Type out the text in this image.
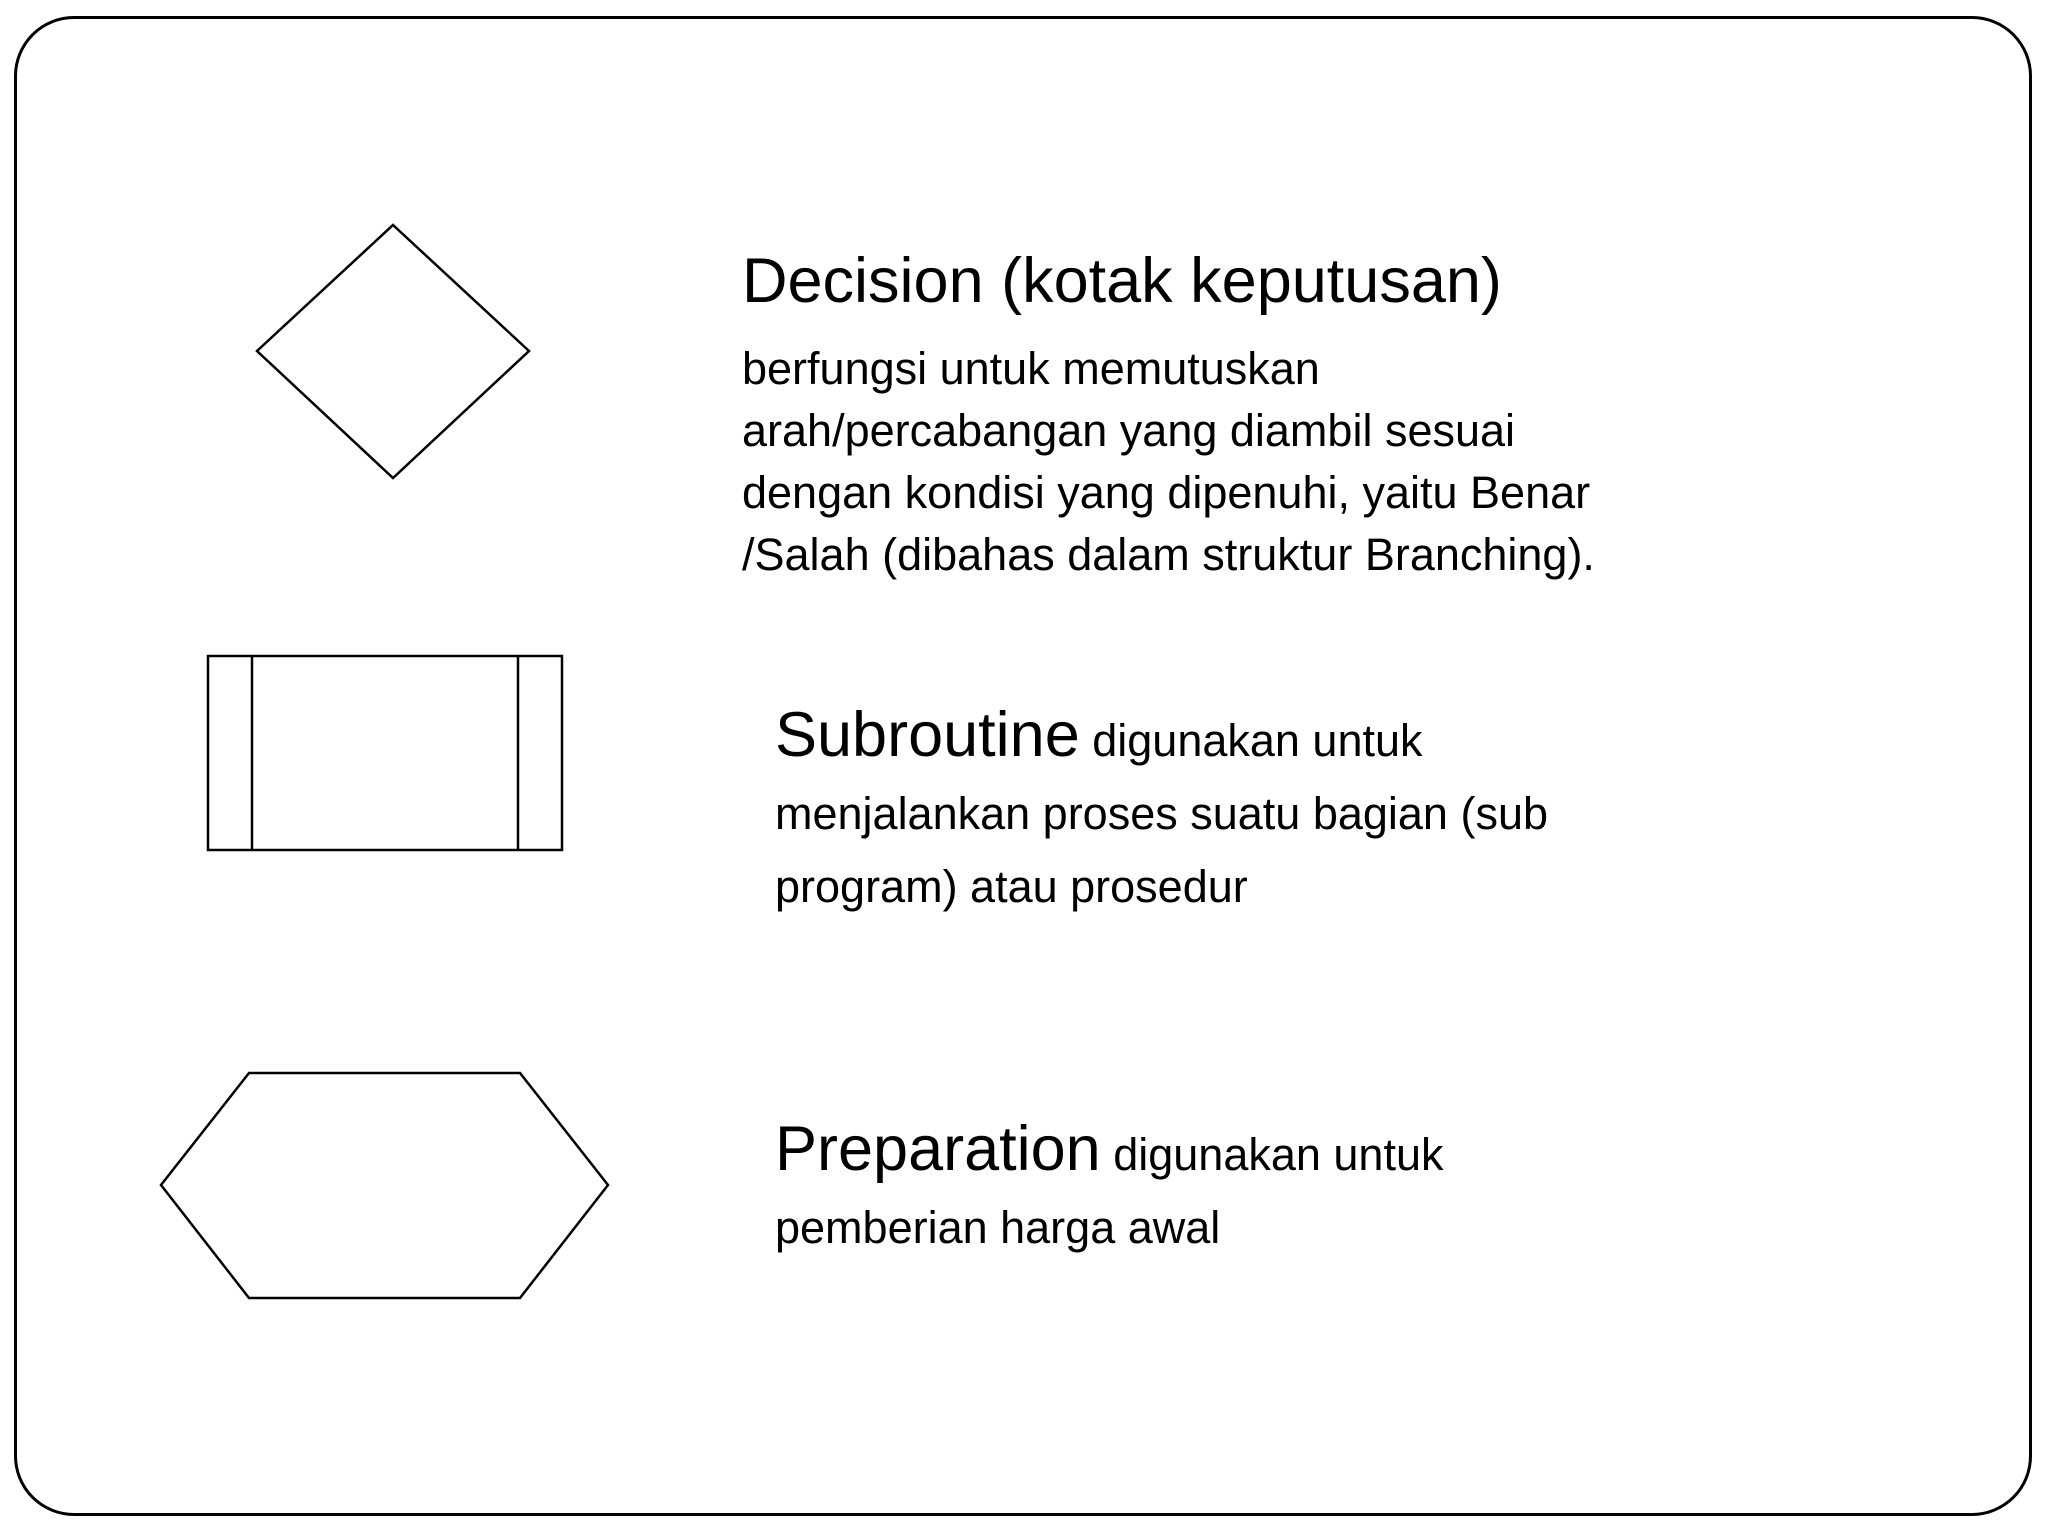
Decision (kotak keputusan)

berfungsi untuk memutuskan
arah/percabangan yang diambil sesuai
dengan kondisi yang dipenuhi, yaitu Benar
/Salah (dibahas dalam struktur Branching).

Subroutine digunakan untuk
menjalankan proses suatu bagian (sub
program) atau prosedur
Preparation digunakan untuk
pemberian harga awal
